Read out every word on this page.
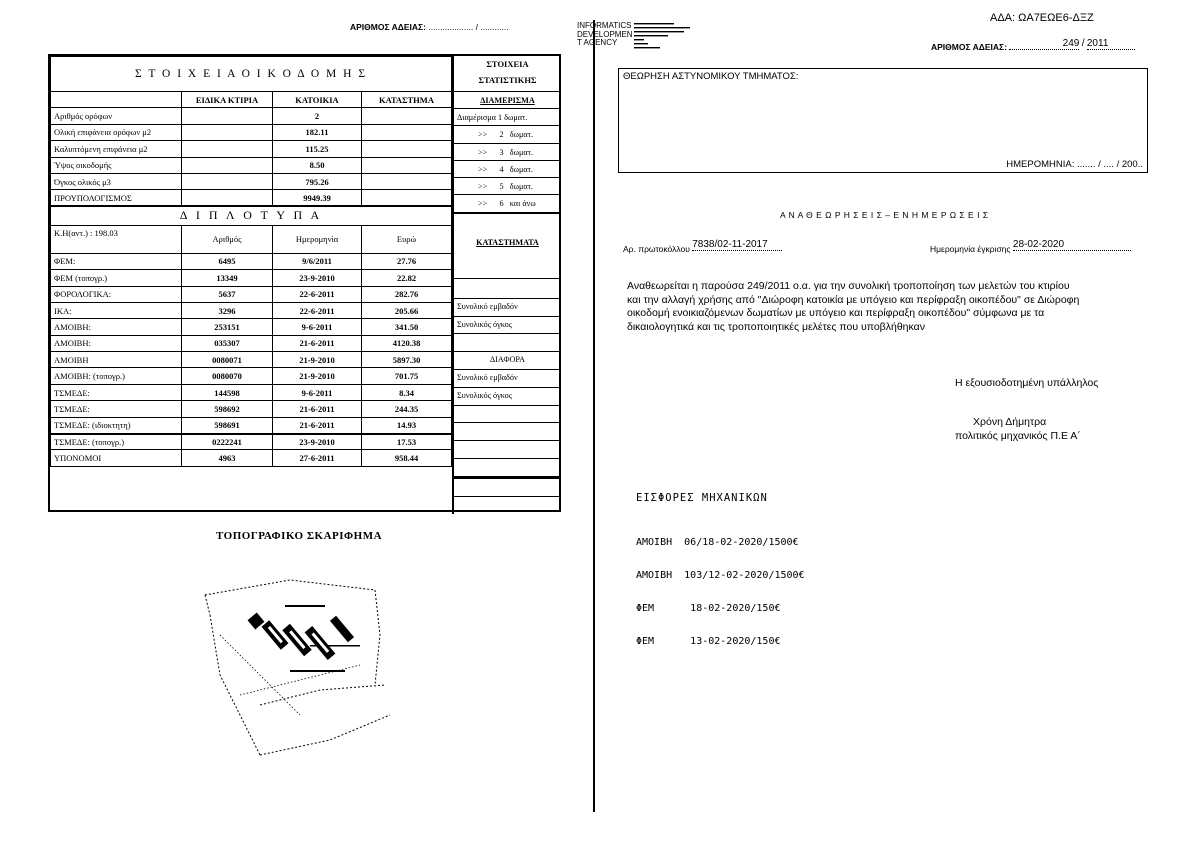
ΑΡΙΘΜΟΣ ΑΔΕΙΑΣ: ................... / ............	INFORMATICS
DEVELOPMEN
T AGENCY
ΑΔΑ: ΩΑ7ΕΩΕ6-ΔΞΖ
ΑΡΙΘΜΟΣ ΑΔΕΙΑΣ:	249 / 2011
Σ Τ Ο Ι Χ Ε Ι Α Ο Ι Κ Ο Δ Ο Μ Η Σ			
	ΕΙΔΙΚΑ ΚΤΙΡΙΑ	ΚΑΤΟΙΚΙΑ	ΚΑΤΑΣΤΗΜΑ
Αριθμός ορόφων		2	
Ολική επιφάνεια ορόφων μ2		182.11	
Καλυπτόμενη επιφάνεια μ2		115.25	
Ύψος οικοδομής		8.50	
Όγκος ολικός μ3		795.26	
ΠΡΟΥΠΟΛΟΓΙΣΜΟΣ		9949.39	
Δ Ι Π Λ Ο Τ Υ Π Α			
Κ.Η(αντ.) : 198.03	Αριθμός	Ημερομηνία	Ευρώ
ΦΕΜ:	6495	9/6/2011	27.76
ΦΕΜ (τοπογρ.)	13349	23-9-2010	22.82
ΦΟΡΟΛΟΓΙΚΑ:	5637	22-6-2011	282.76
ΙΚΑ:	3296	22-6-2011	205.66
ΑΜΟΙΒΗ:	253151	9-6-2011	341.50
ΑΜΟΙΒΗ:	035307	21-6-2011	4120.38
ΑΜΟΙΒΗ	0080071	21-9-2010	5897.30
ΑΜΟΙΒΗ: (τοπογρ.)	0080070	21-9-2010	701.75
ΤΣΜΕΔΕ:	144598	9-6-2011	8.34
ΤΣΜΕΔΕ:	598692	21-6-2011	244.35
ΤΣΜΕΔΕ: (ιδιοκτητη)	598691	21-6-2011	14.93
ΤΣΜΕΔΕ: (τοπογρ.)	0222241	23-9-2010	17.53
ΥΠΟΝΟΜΟΙ	4963	27-6-2011	958.44
ΣΤΟΙΧΕΙΑ
ΣΤΑΤΙΣΤΙΚΗΣ
ΔΙΑΜΕΡΙΣΜΑ
Διαμέρισμα 1 δωματ.
>>      2   δωματ.
>>      3   δωματ.
>>      4   δωματ.
>>      5   δωματ.
>>      6   και άνω
ΚΑΤΑΣΤΗΜΑΤΑ
Συνολικό εμβαδόν
Συνολικός όγκος
ΔΙΑΦΟΡΑ
Συνολικό εμβαδόν
Συνολικός όγκος
ΤΟΠΟΓΡΑΦΙΚΟ ΣΚΑΡΙΦΗΜΑ
ΘΕΩΡΗΣΗ ΑΣΤΥΝΟΜΙΚΟΥ ΤΜΗΜΑΤΟΣ:
ΗΜΕΡΟΜΗΝΙΑ: ....... / .... / 200..
Α Ν Α Θ Ε Ω Ρ Η Σ Ε Ι Σ – Ε Ν Η Μ Ε Ρ Ω Σ Ε Ι Σ
Αρ. πρωτοκόλλου 7838/02-11-2017	Ημερομηνία έγκρισης 28-02-2020
Αναθεωρείται η παρούσα 249/2011 ο.α. για την συνολική τροποποίηση των μελετών του κτιρίου
και την αλλαγή χρήσης από "Διώροφη κατοικία με υπόγειο και περίφραξη οικοπέδου" σε Διώροφη
οικοδομή ενοικιαζόμενων δωματίων με υπόγειο και περίφραξη οικοπέδου" σύμφωνα με τα
δικαιολογητικά και τις τροποποιητικές μελέτες που υποβλήθηκαν
Η εξουσιοδοτημένη υπάλληλος
Χρόνη Δήμητρα
πολιτικός μηχανικός Π.Ε Α΄
ΕΙΣΦΟΡΕΣ ΜΗΧΑΝΙΚΩΝ

ΑΜΟΙΒΗ  06/18-02-2020/1500€

ΑΜΟΙΒΗ  103/12-02-2020/1500€

ΦΕΜ      18-02-2020/150€

ΦΕΜ      13-02-2020/150€
